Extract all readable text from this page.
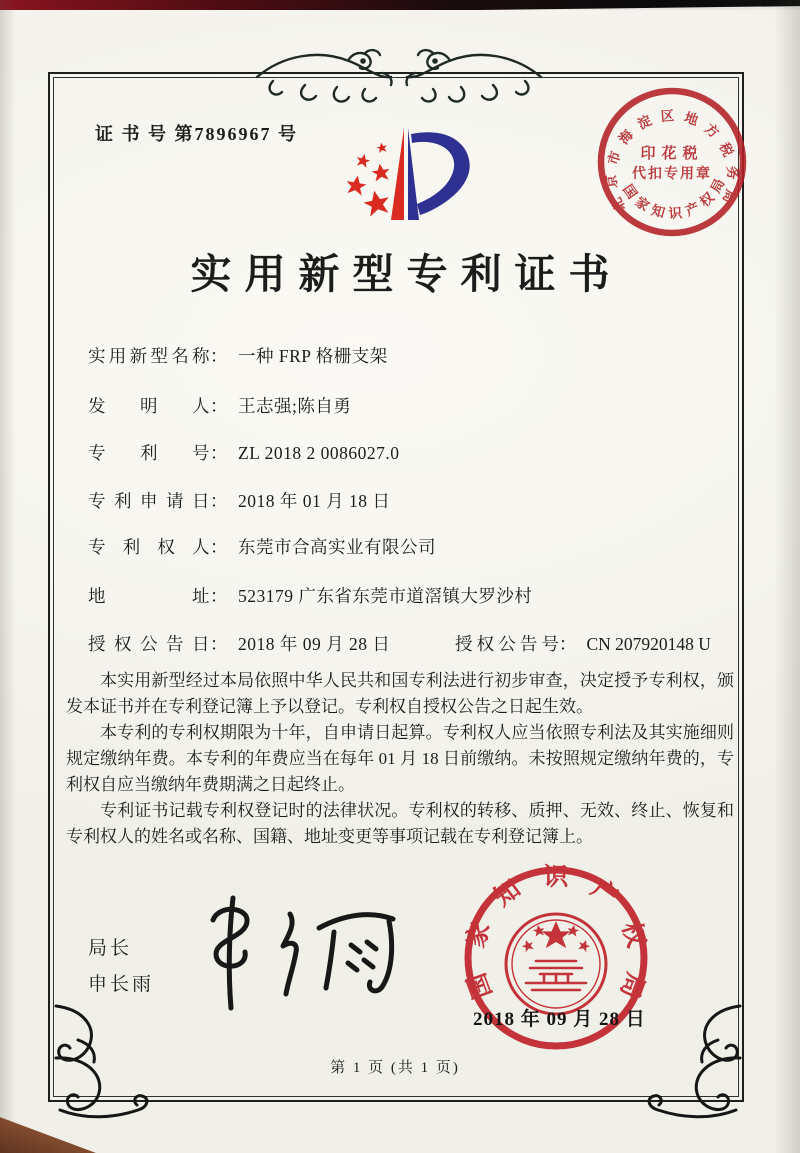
证 书 号 第7896967 号
实用新型专利证书
实用新型名称： 一种 FRP 格栅支架
发明人： 王志强;陈自勇
专利号： ZL 2018 2 0086027.0
专利申请日： 2018 年 01 月 18 日
专利权人： 东莞市合高实业有限公司
地址： 523179 广东省东莞市道滘镇大罗沙村
授权公告日： 2018 年 09 月 28 日	授权公告号： CN 207920148 U

本实用新型经过本局依照中华人民共和国专利法进行初步审查，决定授予专利权，颁发本证书并在专利登记簿上予以登记。专利权自授权公告之日起生效。

本专利的专利权期限为十年，自申请日起算。专利权人应当依照专利法及其实施细则规定缴纳年费。本专利的年费应当在每年 01 月 18 日前缴纳。未按照规定缴纳年费的，专利权自应当缴纳年费期满之日起终止。

专利证书记载专利权登记时的法律状况。专利权的转移、质押、无效、终止、恢复和专利权人的姓名或名称、国籍、地址变更等事项记载在专利登记簿上。

局长
申长雨	国家知识产权局
2018 年 09 月 28 日
北京市海淀区地方税务局
国家知识产权局
印花税
代扣专用章
第 1 页 (共 1 页)
